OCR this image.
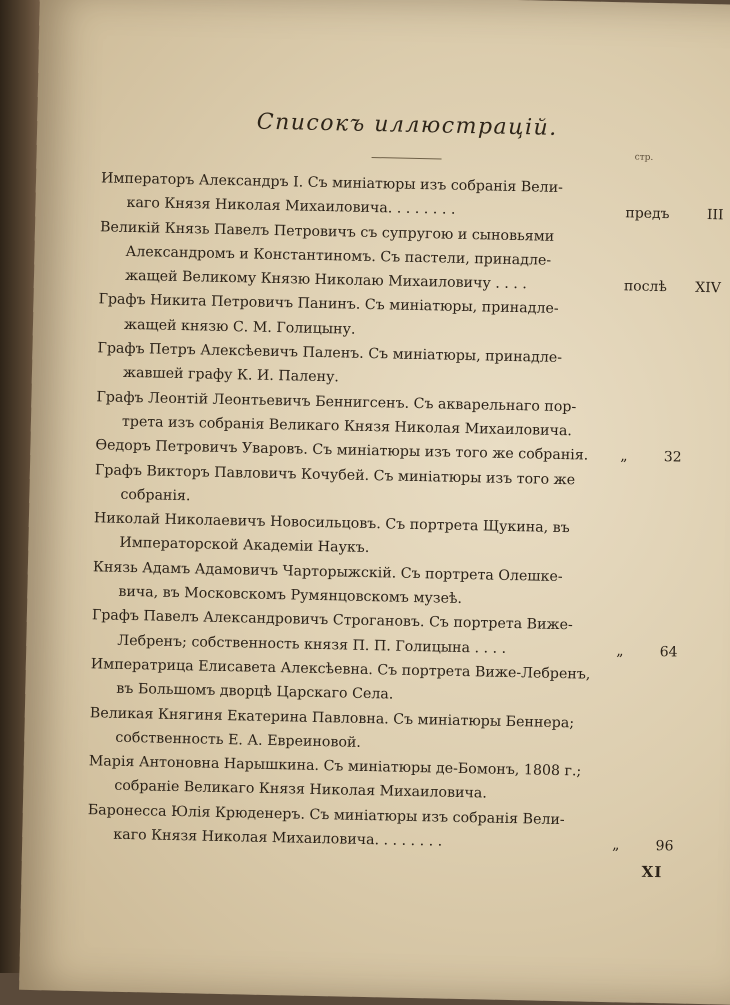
Списокъ иллюстрацій.
стр.
Императоръ Александръ I. Съ миніатюры изъ собранія Вели-
каго Князя Николая Михаиловича. . . . . . . .	предъ	III
Великій Князь Павелъ Петровичъ съ супругою и сыновьями
Александромъ и Константиномъ. Съ пастели, принадле-
жащей Великому Князю Николаю Михаиловичу . . . .	послѣ XIV
Графъ Никита Петровичъ Панинъ. Съ миніатюры, принадле-
жащей князю С. М. Голицыну.
Графъ Петръ Алексѣевичъ Паленъ. Съ миніатюры, принадле-
жавшей графу К. И. Палену.
Графъ Леонтій Леонтьевичъ Беннигсенъ. Съ акварельнаго пор-
трета изъ собранія Великаго Князя Николая Михаиловича.
Ѳедоръ Петровичъ Уваровъ. Съ миніатюры изъ того же собранія.	„	32
Графъ Викторъ Павловичъ Кочубей. Съ миніатюры изъ того же
собранія.
Николай Николаевичъ Новосильцовъ. Съ портрета Щукина, въ
Императорской Академіи Наукъ.
Князь Адамъ Адамовичъ Чарторыжскій. Съ портрета Олешке-
вича, въ Московскомъ Румянцовскомъ музеѣ.
Графъ Павелъ Александровичъ Строгановъ. Съ портрета Виже-
Лебренъ; собственность князя П. П. Голицына . . . .	„	64
Императрица Елисавета Алексѣевна. Съ портрета Виже-Лебренъ,
въ Большомъ дворцѣ Царскаго Села.
Великая Княгиня Екатерина Павловна. Съ миніатюры Беннера;
собственность Е. А. Евреиновой.
Марія Антоновна Нарышкина. Съ миніатюры де-Бомонъ, 1808 г.;
собраніе Великаго Князя Николая Михаиловича.
Баронесса Юлія Крюденеръ. Съ миніатюры изъ собранія Вели-
каго Князя Николая Михаиловича. . . . . . . .	„	96
XI
